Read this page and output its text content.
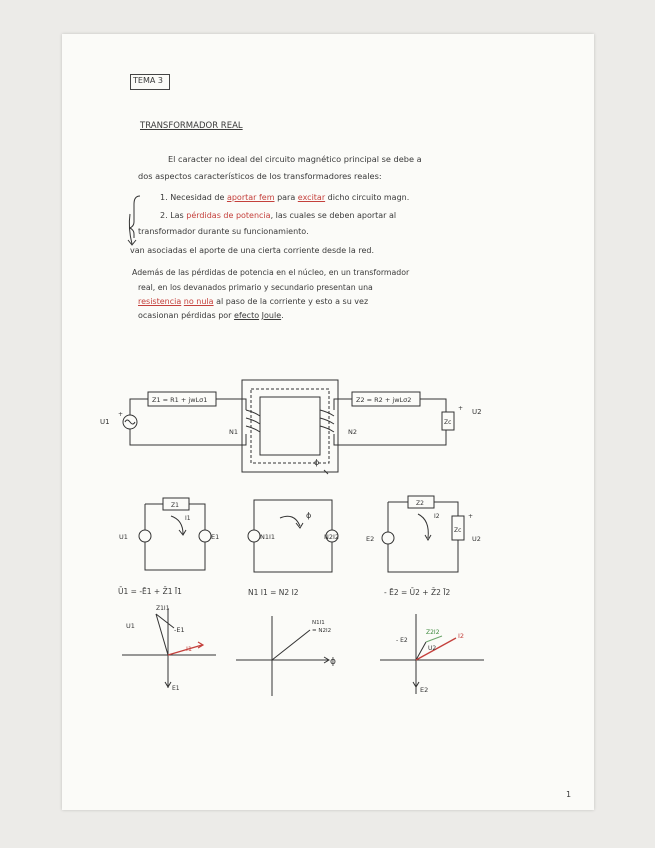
TEMA 3
TRANSFORMADOR REAL
El caracter no ideal del circuito magnético principal se debe a
dos aspectos característicos de los transformadores reales:
1. Necesidad de aportar fem para excitar dicho circuito magn.
2. Las pérdidas de potencia, las cuales se deben aportar al
transformador durante su funcionamiento.
van asociadas el aporte de una cierta corriente desde la red.
Además de las pérdidas de potencia en el núcleo, en un transformador
real, en los devanados primario y secundario presentan una
resistencia no nula al paso de la corriente y esto a su vez
ocasionan pérdidas por efecto Joule.
U1
+
Z1 = R1 + jwLσ1	Z2 = R2 + jwLσ2
N1	N2
ϕ
Zc
+ U2
Z1
I1
U1	E1
ϕ
N1I1	N2I2
Z2
I2
E2
Zc
U2
+
Ū1 = -Ē1 + Z̄1 Ī1	N1 I1 = N2 I2	- Ē2 = Ū2 + Z̄2 Ī2
Z1I1
U1	-E1
I1
E1
N1I1
= N2I2
ϕ
Z2I2	I2
- E2
U2
E2
1
